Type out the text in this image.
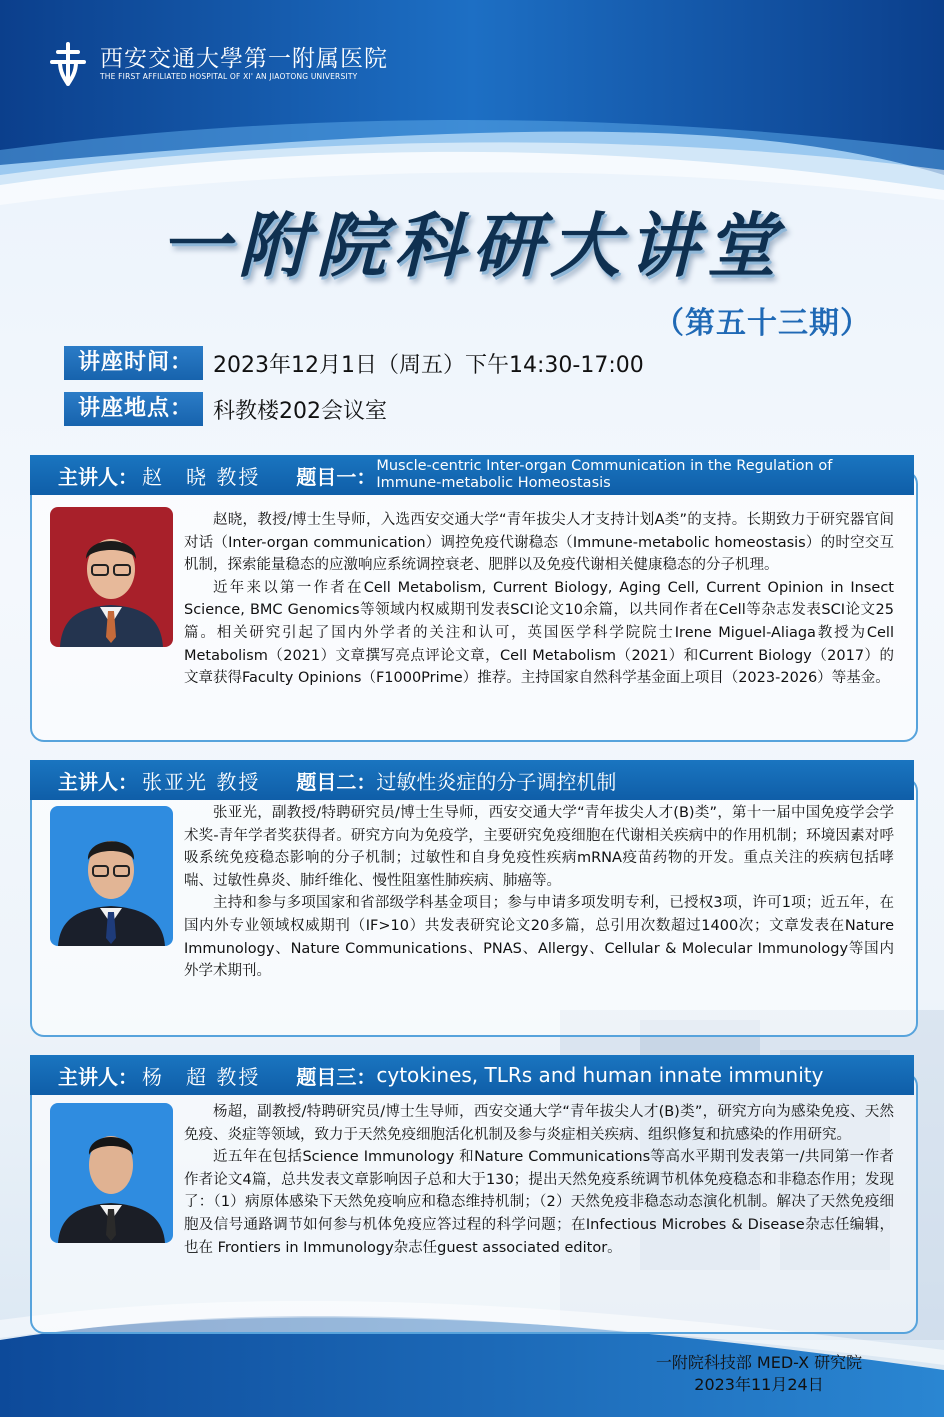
西安交通大學第一附属医院
THE FIRST AFFILIATED HOSPITAL OF XI' AN JIAOTONG UNIVERSITY
一附院科研大讲堂
（第五十三期）
讲座时间： 2023年12月1日（周五）下午14:30-17:00
讲座地点： 科教楼202会议室
主讲人： 赵　晓 教授 题目一： Muscle-centric Inter-organ Communication in the Regulation of Immune-metabolic Homeostasis

赵晓，教授/博士生导师，入选西安交通大学“青年拔尖人才支持计划A类”的支持。长期致力于研究器官间对话（Inter-organ communication）调控免疫代谢稳态（Immune-metabolic homeostasis）的时空交互机制，探索能量稳态的应激响应系统调控衰老、肥胖以及免疫代谢相关健康稳态的分子机理。

近年来以第一作者在Cell Metabolism, Current Biology, Aging Cell, Current Opinion in Insect Science, BMC Genomics等领域内权威期刊发表SCI论文10余篇，以共同作者在Cell等杂志发表SCI论文25篇。相关研究引起了国内外学者的关注和认可，英国医学科学院院士Irene Miguel-Aliaga教授为Cell Metabolism（2021）文章撰写亮点评论文章，Cell Metabolism（2021）和Current Biology（2017）的文章获得Faculty Opinions（F1000Prime）推荐。主持国家自然科学基金面上项目（2023-2026）等基金。

主讲人： 张亚光 教授 题目二： 过敏性炎症的分子调控机制

张亚光，副教授/特聘研究员/博士生导师，西安交通大学“青年拔尖人才(B)类”，第十一届中国免疫学会学术奖-青年学者奖获得者。研究方向为免疫学，主要研究免疫细胞在代谢相关疾病中的作用机制；环境因素对呼吸系统免疫稳态影响的分子机制；过敏性和自身免疫性疾病mRNA疫苗药物的开发。重点关注的疾病包括哮喘、过敏性鼻炎、肺纤维化、慢性阻塞性肺疾病、肺癌等。

主持和参与多项国家和省部级学科基金项目；参与申请多项发明专利，已授权3项，许可1项；近五年，在国内外专业领域权威期刊（IF>10）共发表研究论文20多篇，总引用次数超过1400次；文章发表在Nature Immunology、Nature Communications、PNAS、Allergy、Cellular & Molecular Immunology等国内外学术期刊。

主讲人： 杨　超 教授 题目三： cytokines, TLRs and human innate immunity

杨超，副教授/特聘研究员/博士生导师，西安交通大学“青年拔尖人才(B)类”，研究方向为感染免疫、天然免疫、炎症等领域，致力于天然免疫细胞活化机制及参与炎症相关疾病、组织修复和抗感染的作用研究。

近五年在包括Science Immunology 和Nature Communications等高水平期刊发表第一/共同第一作者作者论文4篇，总共发表文章影响因子总和大于130；提出天然免疫系统调节机体免疫稳态和非稳态作用；发现了：（1）病原体感染下天然免疫响应和稳态维持机制；（2）天然免疫非稳态动态演化机制。解决了天然免疫细胞及信号通路调节如何参与机体免疫应答过程的科学问题；在Infectious Microbes & Disease杂志任编辑，也在 Frontiers in Immunology杂志任guest associated editor。

一附院科技部 MED-X 研究院
2023年11月24日
